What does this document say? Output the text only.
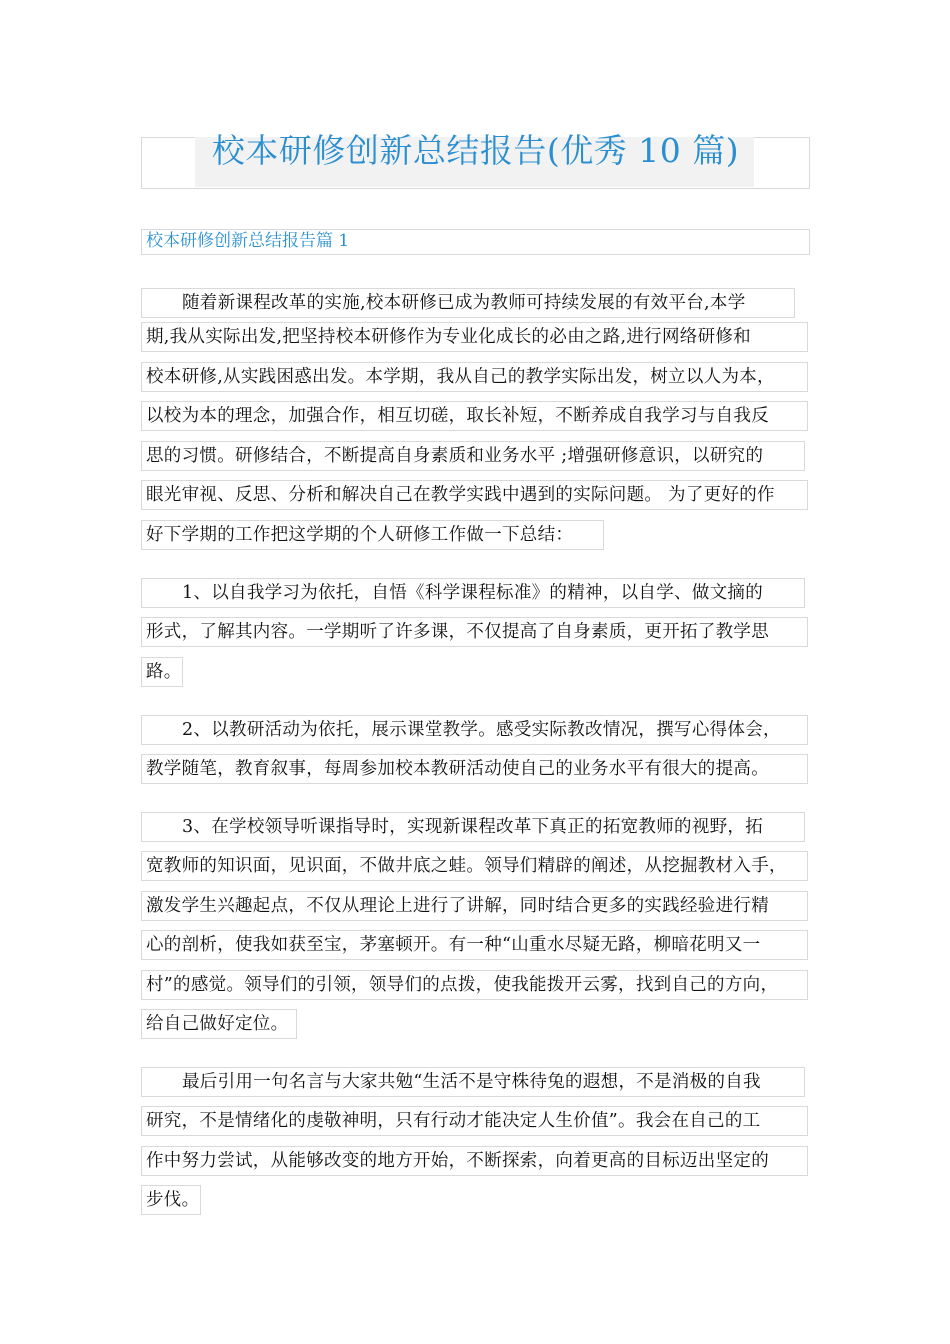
校本研修创新总结报告(优秀 10 篇)
校本研修创新总结报告篇 1
随着新课程改革的实施,校本研修已成为教师可持续发展的有效平台,本学
期,我从实际出发,把坚持校本研修作为专业化成长的必由之路,进行网络研修和
校本研修,从实践困惑出发。本学期，我从自己的教学实际出发，树立以人为本，
以校为本的理念，加强合作，相互切磋，取长补短，不断养成自我学习与自我反
思的习惯。研修结合，不断提高自身素质和业务水平 ;增强研修意识，以研究的
眼光审视、反思、分析和解决自己在教学实践中遇到的实际问题。 为了更好的作
好下学期的工作把这学期的个人研修工作做一下总结：
1、以自我学习为依托，自悟《科学课程标准》的精神，以自学、做文摘的
形式，了解其内容。一学期听了许多课，不仅提高了自身素质，更开拓了教学思
路。
2、以教研活动为依托，展示课堂教学。感受实际教改情况，撰写心得体会，
教学随笔，教育叙事，每周参加校本教研活动使自己的业务水平有很大的提高。
3、在学校领导听课指导时，实现新课程改革下真正的拓宽教师的视野，拓
宽教师的知识面，见识面，不做井底之蛙。领导们精辟的阐述，从挖掘教材入手，
激发学生兴趣起点，不仅从理论上进行了讲解，同时结合更多的实践经验进行精
心的剖析，使我如获至宝，茅塞顿开。有一种“山重水尽疑无路，柳暗花明又一
村”的感觉。领导们的引领，领导们的点拨，使我能拨开云雾，找到自己的方向，
给自己做好定位。
最后引用一句名言与大家共勉“生活不是守株待兔的遐想，不是消极的自我
研究，不是情绪化的虔敬神明，只有行动才能决定人生价值”。我会在自己的工
作中努力尝试，从能够改变的地方开始，不断探索，向着更高的目标迈出坚定的
步伐。
